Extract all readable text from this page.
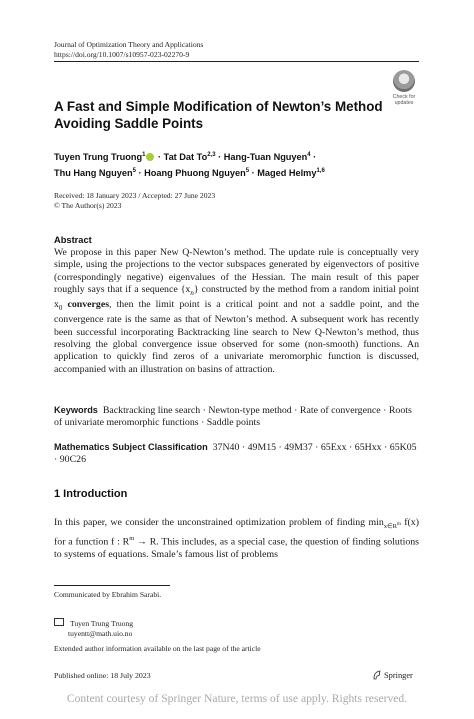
Journal of Optimization Theory and Applications
https://doi.org/10.1007/s10957-023-02270-9
Check for
updates
A Fast and Simple Modification of Newton’s Method
Avoiding Saddle Points
Tuyen Trung Truong$^1$ · Tat Dat To$^{2,3}$ · Hang-Tuan Nguyen$^4$ ·
Thu Hang Nguyen$^5$ · Hoang Phuong Nguyen$^5$ · Maged Helmy$^{1,6}$
Received: 18 January 2023 / Accepted: 27 June 2023
© The Author(s) 2023
Abstract
We propose in this paper New Q-Newton’s method. The update rule is conceptually very simple, using the projections to the vector subspaces generated by eigenvectors of positive (correspondingly negative) eigenvalues of the Hessian. The main result of this paper roughly says that if a sequence $\{x_n\}$ constructed by the method from a random initial point $x_0$ converges, then the limit point is a critical point and not a saddle point, and the convergence rate is the same as that of Newton’s method. A subsequent work has recently been successful incorporating Backtracking line search to New Q-Newton’s method, thus resolving the global convergence issue observed for some (non-smooth) functions. An application to quickly find zeros of a univariate meromorphic function is discussed, accompanied with an illustration on basins of attraction.
Keywords Backtracking line search · Newton-type method · Rate of convergence · Roots of univariate meromorphic functions · Saddle points
Mathematics Subject Classification 37N40 · 49M15 · 49M37 · 65Exx · 65Hxx · 65K05 · 90C26
1 Introduction
In this paper, we consider the unconstrained optimization problem of finding $\min_{x\in R^m} f(x)$ for a function f : $R^m \to R$. This includes, as a special case, the question of finding solutions to systems of equations. Smale’s famous list of problems
Communicated by Ebrahim Sarabi.
Tuyen Trung Truong
tuyentt@math.uio.no
Extended author information available on the last page of the article
Published online: 18 July 2023	Springer
Content courtesy of Springer Nature, terms of use apply. Rights reserved.
